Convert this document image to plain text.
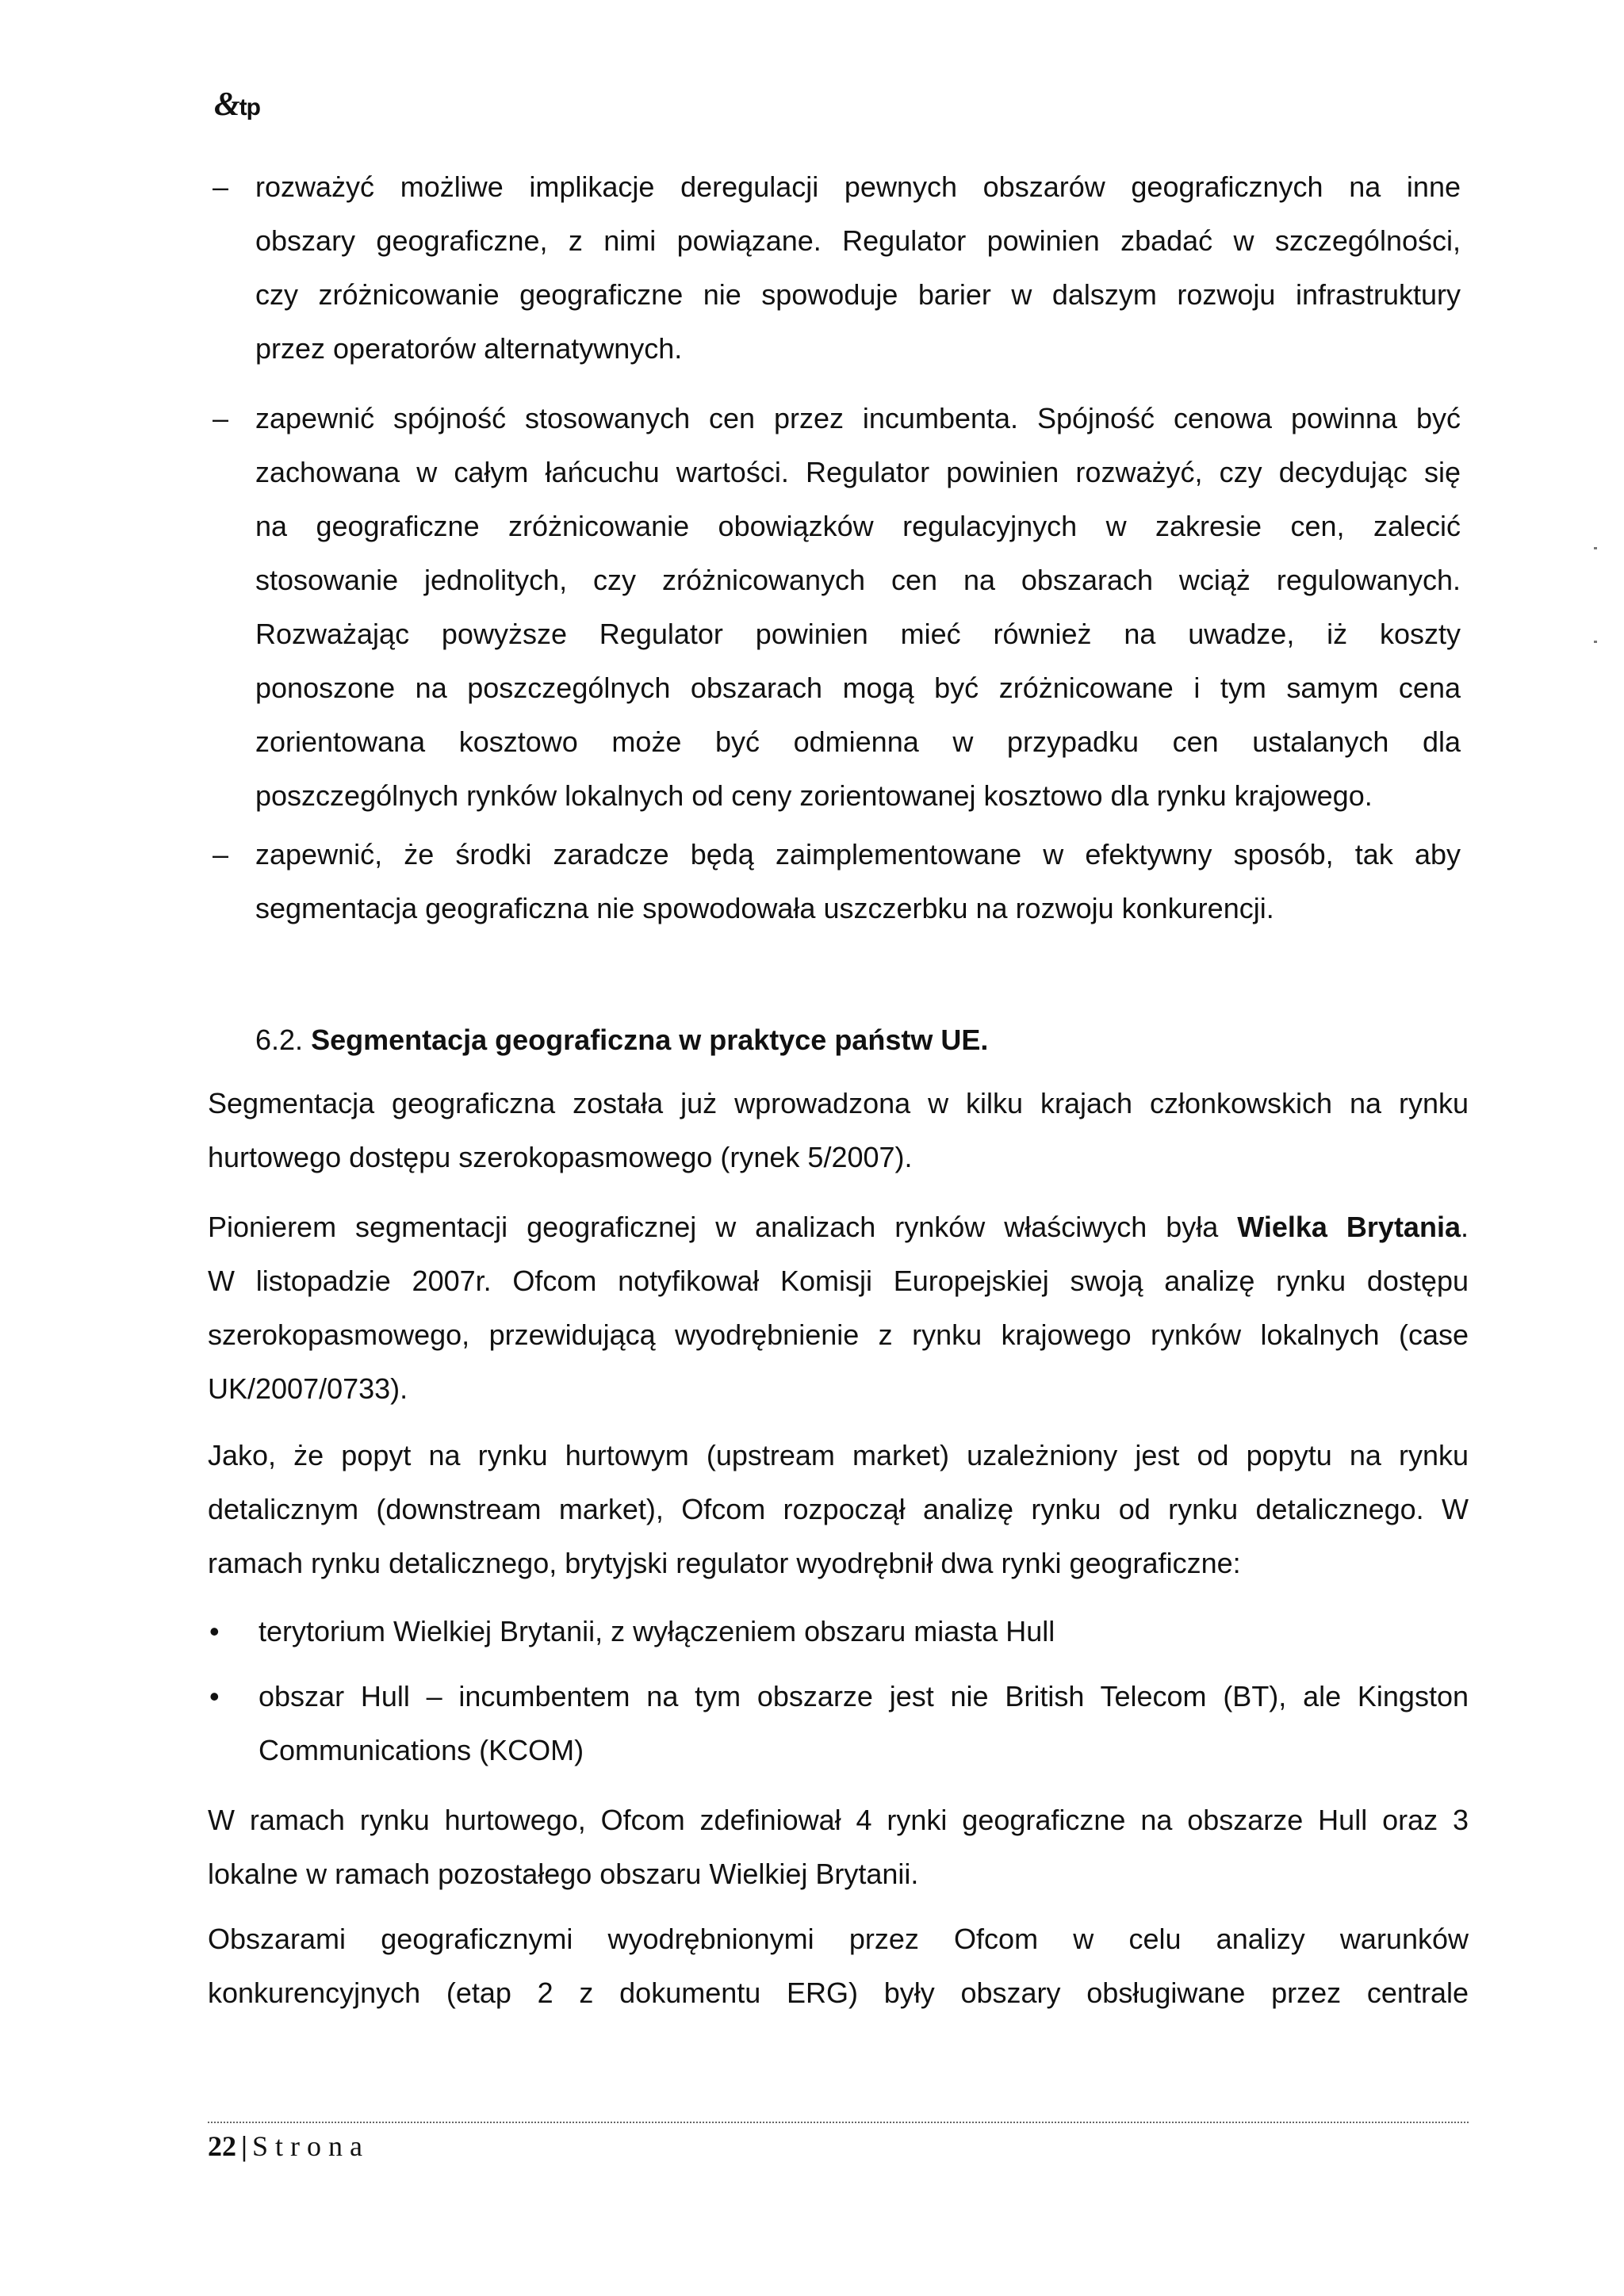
&tp
– rozważyć możliwe implikacje deregulacji pewnych obszarów geograficznych na inne
obszary geograficzne, z nimi powiązane. Regulator powinien zbadać w szczególności,
czy zróżnicowanie geograficzne nie spowoduje barier w dalszym rozwoju infrastruktury
przez operatorów alternatywnych.
– zapewnić spójność stosowanych cen przez incumbenta. Spójność cenowa powinna być
zachowana w całym łańcuchu wartości. Regulator powinien rozważyć, czy decydując się
na geograficzne zróżnicowanie obowiązków regulacyjnych w zakresie cen, zalecić
stosowanie jednolitych, czy zróżnicowanych cen na obszarach wciąż regulowanych.
Rozważając powyższe Regulator powinien mieć również na uwadze, iż koszty
ponoszone na poszczególnych obszarach mogą być zróżnicowane i tym samym cena
zorientowana kosztowo może być odmienna w przypadku cen ustalanych dla
poszczególnych rynków lokalnych od ceny zorientowanej kosztowo dla rynku krajowego.
– zapewnić, że środki zaradcze będą zaimplementowane w efektywny sposób, tak aby
segmentacja geograficzna nie spowodowała uszczerbku na rozwoju konkurencji.
6.2. Segmentacja geograficzna w praktyce państw UE.
Segmentacja geograficzna została już wprowadzona w kilku krajach członkowskich na rynku
hurtowego dostępu szerokopasmowego (rynek 5/2007).
Pionierem segmentacji geograficznej w analizach rynków właściwych była Wielka Brytania.
W listopadzie 2007r. Ofcom notyfikował Komisji Europejskiej swoją analizę rynku dostępu
szerokopasmowego, przewidującą wyodrębnienie z rynku krajowego rynków lokalnych (case
UK/2007/0733).
Jako, że popyt na rynku hurtowym (upstream market) uzależniony jest od popytu na rynku
detalicznym (downstream market), Ofcom rozpoczął analizę rynku od rynku detalicznego. W
ramach rynku detalicznego, brytyjski regulator wyodrębnił dwa rynki geograficzne:
• terytorium Wielkiej Brytanii, z wyłączeniem obszaru miasta Hull
• obszar Hull – incumbentem na tym obszarze jest nie British Telecom (BT), ale Kingston
Communications (KCOM)
W ramach rynku hurtowego, Ofcom zdefiniował 4 rynki geograficzne na obszarze Hull oraz 3
lokalne w ramach pozostałego obszaru Wielkiej Brytanii.
Obszarami geograficznymi wyodrębnionymi przez Ofcom w celu analizy warunków
konkurencyjnych (etap 2 z dokumentu ERG) były obszary obsługiwane przez centrale
22 | Strona
